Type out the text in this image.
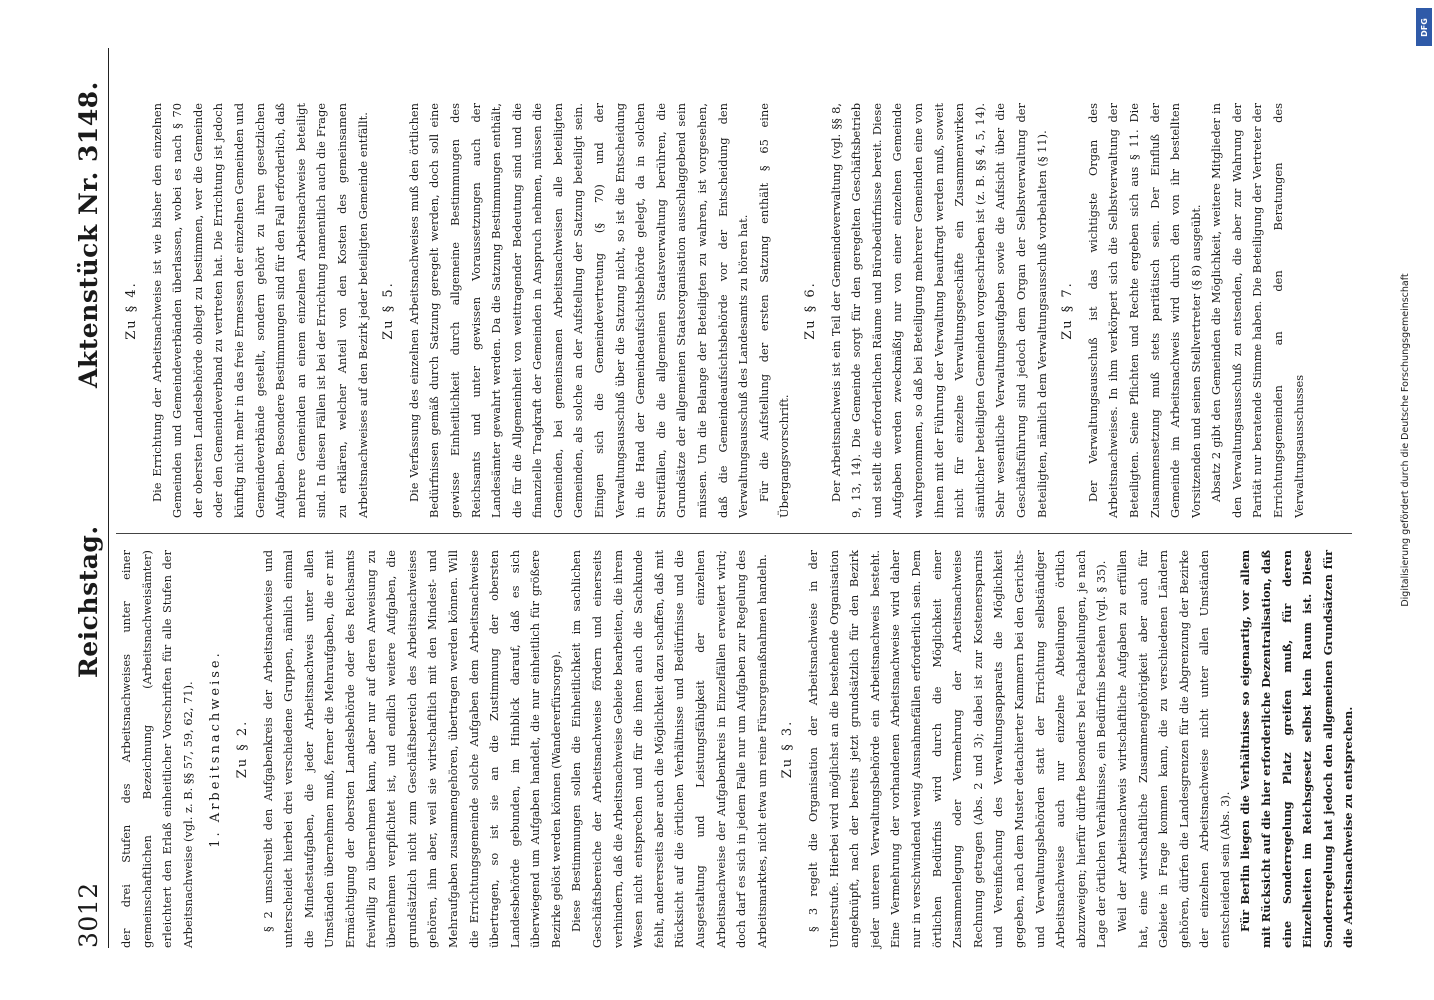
3012
Reichstag.
Aktenstück Nr. 3148.

der drei Stufen des Arbeitsnachweises unter einer gemeinschaftlichen Bezeichnung (Arbeitsnachweisämter) erleichtert den Erlaß einheitlicher Vorschriften für alle Stufen der Arbeitsnachweise (vgl. z. B. §§ 57, 59, 62, 71). 1. Arbeitsnachweise. Zu § 2. § 2 umschreibt den Aufgabenkreis der Arbeitsnachweise und unterscheidet hierbei drei verschiedene Gruppen, nämlich einmal die Mindestaufgaben, die jeder Arbeitsnachweis unter allen Umständen übernehmen muß, ferner die Mehraufgaben, die er mit Ermächtigung der obersten Landesbehörde oder des Reichsamts freiwillig zu übernehmen kann, aber nur auf deren Anweisung zu übernehmen verpflichtet ist, und endlich weitere Aufgaben, die grundsätzlich nicht zum Geschäftsbereich des Arbeitsnachweises gehören, ihm aber, weil sie wirtschaftlich mit den Mindest- und Mehraufgaben zusammengehören, übertragen werden können. Will die Errichtungsgemeinde solche Aufgaben dem Arbeitsnachweise übertragen, so ist sie an die Zustimmung der obersten Landesbehörde gebunden, im Hinblick darauf, daß es sich überwiegend um Aufgaben handelt, die nur einheitlich für größere Bezirke gelöst werden können (Wandererfürsorge). Diese Bestimmungen sollen die Einheitlichkeit im sachlichen Geschäftsbereiche der Arbeitsnachweise fördern und einerseits verhindern, daß die Arbeitsnachweise Gebiete bearbeiten, die ihrem Wesen nicht entsprechen und für die ihnen auch die Sachkunde fehlt, andererseits aber auch die Möglichkeit dazu schaffen, daß mit Rücksicht auf die örtlichen Verhältnisse und Bedürfnisse und die Ausgestaltung und Leistungsfähigkeit der einzelnen Arbeitsnachweise der Aufgabenkreis in Einzelfällen erweitert wird; doch darf es sich in jedem Falle nur um Aufgaben zur Regelung des Arbeitsmarktes, nicht etwa um reine Fürsorgemaßnahmen handeln. Zu § 3. § 3 regelt die Organisation der Arbeitsnachweise in der Unterstufe. Hierbei wird möglichst an die bestehende Organisation angeknüpft, nach der bereits jetzt grundsätzlich für den Bezirk jeder unteren Verwaltungsbehörde ein Arbeitsnachweis besteht. Eine Vermehrung der vorhandenen Arbeitsnachweise wird daher nur in verschwindend wenig Ausnahmefällen erforderlich sein. Dem örtlichen Bedürfnis wird durch die Möglichkeit einer Zusammenlegung oder Vermehrung der Arbeitsnachweise Rechnung getragen (Abs. 2 und 3); dabei ist zur Kostenersparnis und Vereinfachung des Verwaltungsapparats die Möglichkeit gegeben, nach dem Muster detachierter Kammern bei den Gerichts- und Verwaltungsbehörden statt der Errichtung selbständiger Arbeitsnachweise auch nur einzelne Abteilungen örtlich abzuzweigen; hierfür dürfte besonders bei Fachabteilungen, je nach Lage der örtlichen Verhältnisse, ein Bedürfnis bestehen (vgl. § 35). Weil der Arbeitsnachweis wirtschaftliche Aufgaben zu erfüllen hat, eine wirtschaftliche Zusammengehörigkeit aber auch für Gebiete in Frage kommen kann, die zu verschiedenen Ländern gehören, dürfen die Landesgrenzen für die Abgrenzung der Bezirke der einzelnen Arbeitsnachweise nicht unter allen Umständen entscheidend sein (Abs. 3). Für Berlin liegen die Verhältnisse so eigenartig, vor allem mit Rücksicht auf die hier erforderliche Dezentralisation, daß eine Sonderregelung Platz greifen muß, für deren Einzelheiten im Reichsgesetz selbst kein Raum ist. Diese Sonderregelung hat jedoch den allgemeinen Grundsätzen für die Arbeitsnachweise zu entsprechen.

Zu § 4. Die Errichtung der Arbeitsnachweise ist wie bisher den einzelnen Gemeinden und Gemeindeverbänden überlassen, wobei es nach § 70 der obersten Landesbehörde obliegt zu bestimmen, wer die Gemeinde oder den Gemeindeverband zu vertreten hat. Die Errichtung ist jedoch künftig nicht mehr in das freie Ermessen der einzelnen Gemeinden und Gemeindeverbände gestellt, sondern gehört zu ihren gesetzlichen Aufgaben. Besondere Bestimmungen sind für den Fall erforderlich, daß mehrere Gemeinden an einem einzelnen Arbeitsnachweise beteiligt sind. In diesen Fällen ist bei der Errichtung namentlich auch die Frage zu erklären, welcher Anteil von den Kosten des gemeinsamen Arbeitsnachweises auf den Bezirk jeder beteiligten Gemeinde entfällt. Zu § 5. Die Verfassung des einzelnen Arbeitsnachweises muß den örtlichen Bedürfnissen gemäß durch Satzung geregelt werden, doch soll eine gewisse Einheitlichkeit durch allgemeine Bestimmungen des Reichsamts und unter gewissen Voraussetzungen auch der Landesämter gewahrt werden. Da die Satzung Bestimmungen enthält, die für die Allgemeinheit von weittragender Bedeutung sind und die finanzielle Tragkraft der Gemeinden in Anspruch nehmen, müssen die Gemeinden, bei gemeinsamen Arbeitsnachweisen alle beteiligten Gemeinden, als solche an der Aufstellung der Satzung beteiligt sein. Einigen sich die Gemeindevertretung (§ 70) und der Verwaltungsausschuß über die Satzung nicht, so ist die Entscheidung in die Hand der Gemeindeaufsichtsbehörde gelegt, da in solchen Streitfällen, die die allgemeinen Staatsverwaltung berühren, die Grundsätze der allgemeinen Staatsorganisation ausschlaggebend sein müssen. Um die Belange der Beteiligten zu wahren, ist vorgesehen, daß die Gemeindeaufsichtsbehörde vor der Entscheidung den Verwaltungsausschuß des Landesamts zu hören hat. Für die Aufstellung der ersten Satzung enthält § 65 eine Übergangsvorschrift.

Zu § 6. Der Arbeitsnachweis ist ein Teil der Gemeindeverwaltung (vgl. §§ 8, 9, 13, 14). Die Gemeinde sorgt für den geregelten Geschäftsbetrieb und stellt die erforderlichen Räume und Bürobedürfnisse bereit. Diese Aufgaben werden zweckmäßig nur von einer einzelnen Gemeinde wahrgenommen, so daß bei Beteiligung mehrerer Gemeinden eine von ihnen mit der Führung der Verwaltung beauftragt werden muß, soweit nicht für einzelne Verwaltungsgeschäfte ein Zusammenwirken sämtlicher beteiligten Gemeinden vorgeschrieben ist (z. B. §§ 4, 5, 14). Sehr wesentliche Verwaltungsaufgaben sowie die Aufsicht über die Geschäftsführung sind jedoch dem Organ der Selbstverwaltung der Beteiligten, nämlich dem Verwaltungsausschuß vorbehalten (§ 11). Zu § 7. Der Verwaltungsausschuß ist das wichtigste Organ des Arbeitsnachweises. In ihm verkörpert sich die Selbstverwaltung der Beteiligten. Seine Pflichten und Rechte ergeben sich aus § 11. Die Zusammensetzung muß stets paritätisch sein. Der Einfluß der Gemeinde im Arbeitsnachweis wird durch den von ihr bestellten Vorsitzenden und seinen Stellvertreter (§ 8) ausgeübt. Absatz 2 gibt den Gemeinden die Möglichkeit, weitere Mitglieder in den Verwaltungsausschuß zu entsenden, die aber zur Wahrung der Parität nur beratende Stimme haben. Die Beteiligung der Vertreter der Errichtungsgemeinden an den Beratungen des Verwaltungsausschusses	Digitalisierung gefördert durch die Deutsche Forschungsgemeinschaft
DFG
